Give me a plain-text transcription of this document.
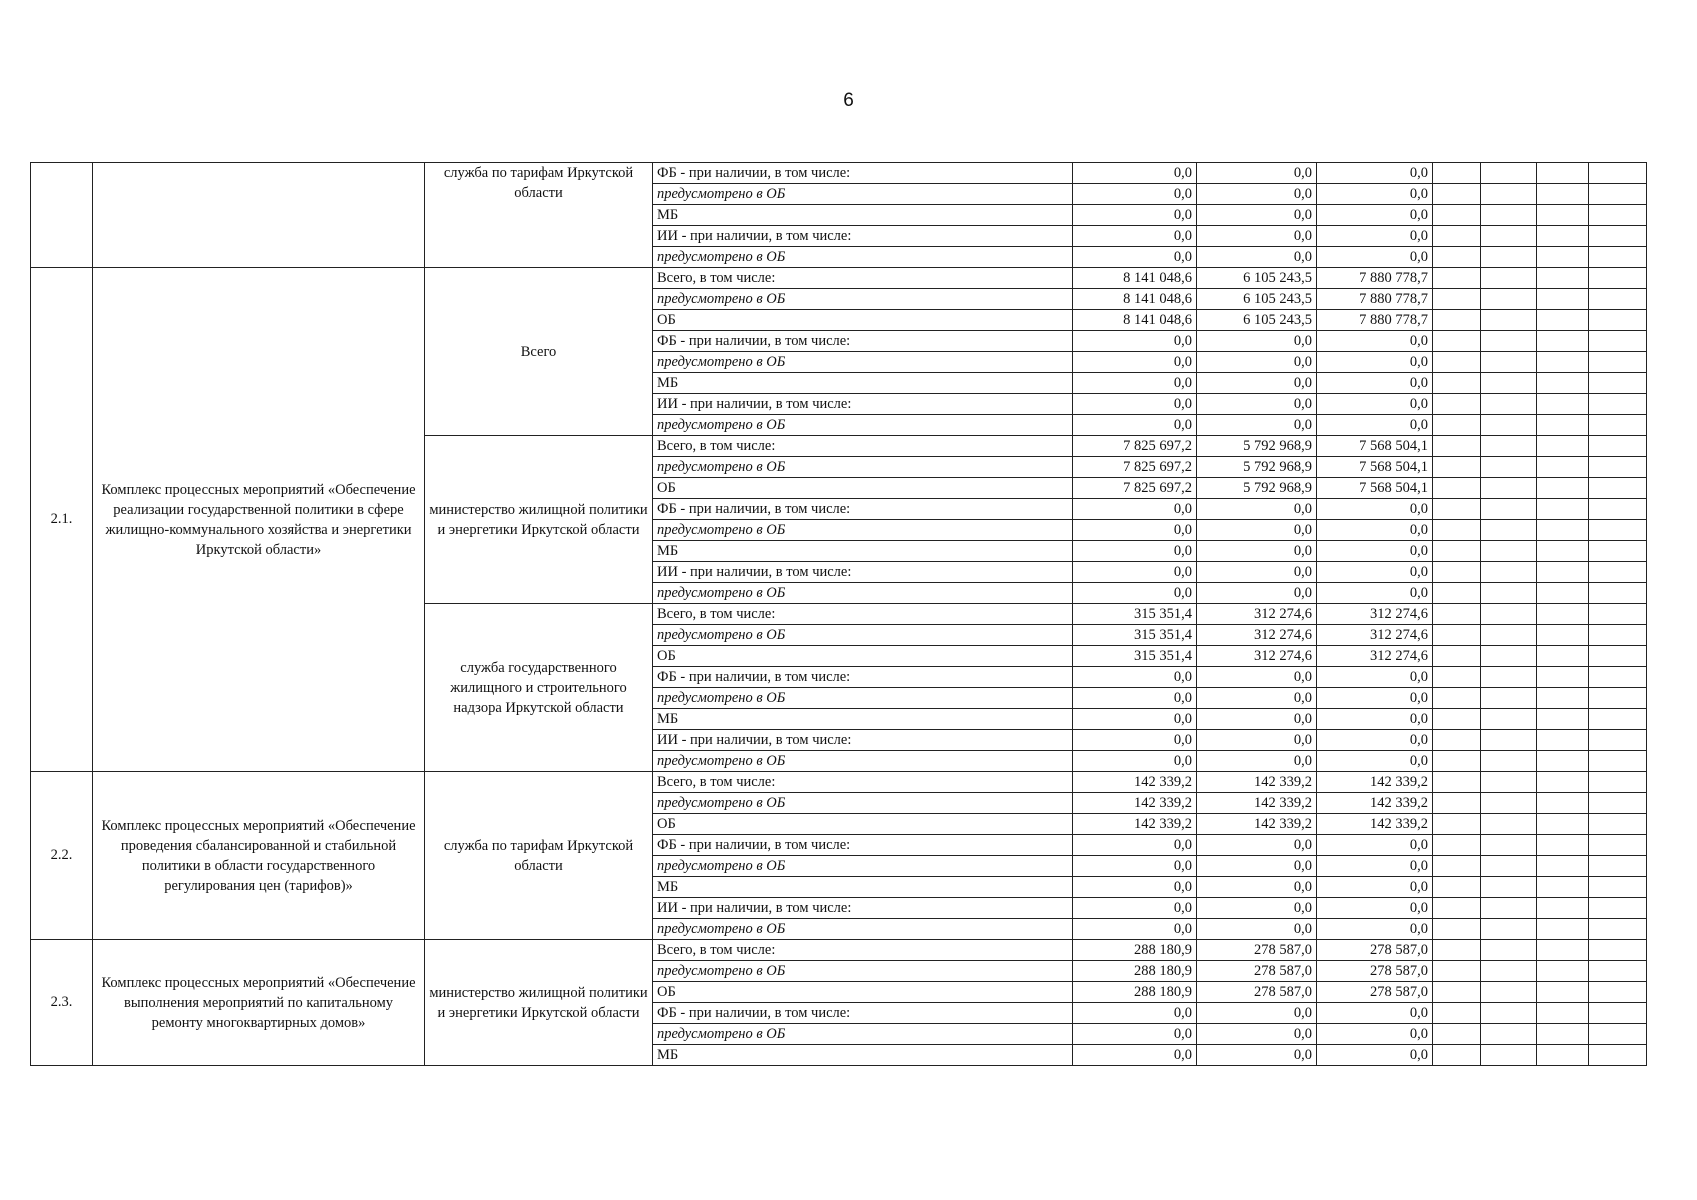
6
		служба по тарифам Иркутской области	ФБ - при наличии, в том числе:	0,0	0,0	0,0				
			предусмотрено в ОБ	0,0	0,0	0,0				
			МБ	0,0	0,0	0,0				
			ИИ - при наличии, в том числе:	0,0	0,0	0,0				
			предусмотрено в ОБ	0,0	0,0	0,0				
2.1.	Комплекс процессных мероприятий «Обеспечение реализации государственной политики в сфере жилищно-коммунального хозяйства и энергетики Иркутской области»	Всего	Всего, в том числе:	8 141 048,6	6 105 243,5	7 880 778,7				
			предусмотрено в ОБ	8 141 048,6	6 105 243,5	7 880 778,7				
			ОБ	8 141 048,6	6 105 243,5	7 880 778,7				
			ФБ - при наличии, в том числе:	0,0	0,0	0,0				
			предусмотрено в ОБ	0,0	0,0	0,0				
			МБ	0,0	0,0	0,0				
			ИИ - при наличии, в том числе:	0,0	0,0	0,0				
			предусмотрено в ОБ	0,0	0,0	0,0				
		министерство жилищной политики и энергетики Иркутской области	Всего, в том числе:	7 825 697,2	5 792 968,9	7 568 504,1				
			предусмотрено в ОБ	7 825 697,2	5 792 968,9	7 568 504,1				
			ОБ	7 825 697,2	5 792 968,9	7 568 504,1				
			ФБ - при наличии, в том числе:	0,0	0,0	0,0				
			предусмотрено в ОБ	0,0	0,0	0,0				
			МБ	0,0	0,0	0,0				
			ИИ - при наличии, в том числе:	0,0	0,0	0,0				
			предусмотрено в ОБ	0,0	0,0	0,0				
		служба государственного жилищного и строительного надзора Иркутской области	Всего, в том числе:	315 351,4	312 274,6	312 274,6				
			предусмотрено в ОБ	315 351,4	312 274,6	312 274,6				
			ОБ	315 351,4	312 274,6	312 274,6				
			ФБ - при наличии, в том числе:	0,0	0,0	0,0				
			предусмотрено в ОБ	0,0	0,0	0,0				
			МБ	0,0	0,0	0,0				
			ИИ - при наличии, в том числе:	0,0	0,0	0,0				
			предусмотрено в ОБ	0,0	0,0	0,0				
2.2.	Комплекс процессных мероприятий «Обеспечение проведения сбалансированной и стабильной политики в области государственного регулирования цен (тарифов)»	служба по тарифам Иркутской области	Всего, в том числе:	142 339,2	142 339,2	142 339,2				
			предусмотрено в ОБ	142 339,2	142 339,2	142 339,2				
			ОБ	142 339,2	142 339,2	142 339,2				
			ФБ - при наличии, в том числе:	0,0	0,0	0,0				
			предусмотрено в ОБ	0,0	0,0	0,0				
			МБ	0,0	0,0	0,0				
			ИИ - при наличии, в том числе:	0,0	0,0	0,0				
			предусмотрено в ОБ	0,0	0,0	0,0				
2.3.	Комплекс процессных мероприятий «Обеспечение выполнения мероприятий по капитальному ремонту многоквартирных домов»	министерство жилищной политики и энергетики Иркутской области	Всего, в том числе:	288 180,9	278 587,0	278 587,0				
			предусмотрено в ОБ	288 180,9	278 587,0	278 587,0				
			ОБ	288 180,9	278 587,0	278 587,0				
			ФБ - при наличии, в том числе:	0,0	0,0	0,0				
			предусмотрено в ОБ	0,0	0,0	0,0				
			МБ	0,0	0,0	0,0				
